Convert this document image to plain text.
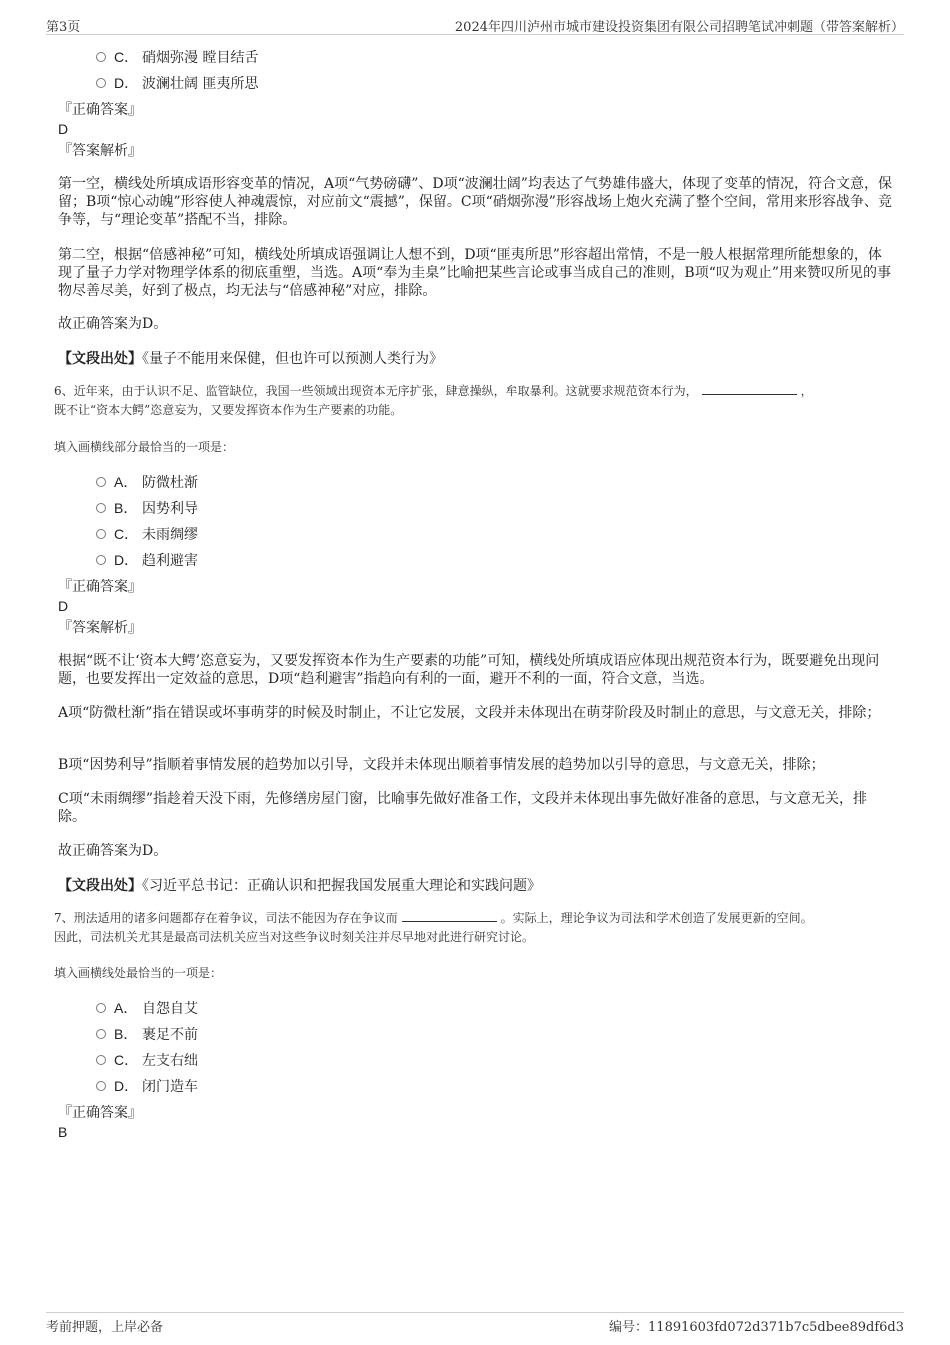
第3页	2024年四川泸州市城市建设投资集团有限公司招聘笔试冲刺题（带答案解析）
C． 硝烟弥漫 瞠目结舌
D． 波澜壮阔 匪夷所思
『正确答案』
D
『答案解析』
第一空，横线处所填成语形容变革的情况，A项“气势磅礴”、D项“波澜壮阔”均表达了气势雄伟盛大，体现了变革的情况，符合文意，保留；B项“惊心动魄”形容使人神魂震惊，对应前文“震撼”，保留。C项“硝烟弥漫”形容战场上炮火充满了整个空间，常用来形容战争、竞争等，与“理论变革”搭配不当，排除。
第二空，根据“倍感神秘”可知，横线处所填成语强调让人想不到，D项“匪夷所思”形容超出常情，不是一般人根据常理所能想象的，体现了量子力学对物理学体系的彻底重塑，当选。A项“奉为圭臬”比喻把某些言论或事当成自己的准则，B项“叹为观止”用来赞叹所见的事物尽善尽美，好到了极点，均无法与“倍感神秘”对应，排除。
故正确答案为D。
【文段出处】《量子不能用来保健，但也许可以预测人类行为》
6、近年来，由于认识不足、监管缺位，我国一些领域出现资本无序扩张，肆意操纵，牟取暴利。这就要求规范资本行为，	，
既不让“资本大鳄”恣意妄为，又要发挥资本作为生产要素的功能。
填入画横线部分最恰当的一项是：
A． 防微杜渐
B． 因势利导
C． 未雨绸缪
D． 趋利避害
『正确答案』
D
『答案解析』
根据“既不让‘资本大鳄’恣意妄为，又要发挥资本作为生产要素的功能”可知，横线处所填成语应体现出规范资本行为，既要避免出现问题，也要发挥出一定效益的意思，D项“趋利避害”指趋向有利的一面，避开不利的一面，符合文意，当选。
A项“防微杜渐”指在错误或坏事萌芽的时候及时制止，不让它发展，文段并未体现出在萌芽阶段及时制止的意思，与文意无关，排除；
B项“因势利导”指顺着事情发展的趋势加以引导，文段并未体现出顺着事情发展的趋势加以引导的意思，与文意无关，排除；
C项“未雨绸缪”指趁着天没下雨，先修缮房屋门窗，比喻事先做好准备工作，文段并未体现出事先做好准备的意思，与文意无关，排除。
故正确答案为D。
【文段出处】《习近平总书记：正确认识和把握我国发展重大理论和实践问题》
7、刑法适用的诸多问题都存在着争议，司法不能因为存在争议而	。实际上，理论争议为司法和学术创造了发展更新的空间。
因此，司法机关尤其是最高司法机关应当对这些争议时刻关注并尽早地对此进行研究讨论。
填入画横线处最恰当的一项是：
A． 自怨自艾
B． 裹足不前
C． 左支右绌
D． 闭门造车
『正确答案』
B
考前押题，上岸必备	编号：11891603fd072d371b7c5dbee89df6d3
